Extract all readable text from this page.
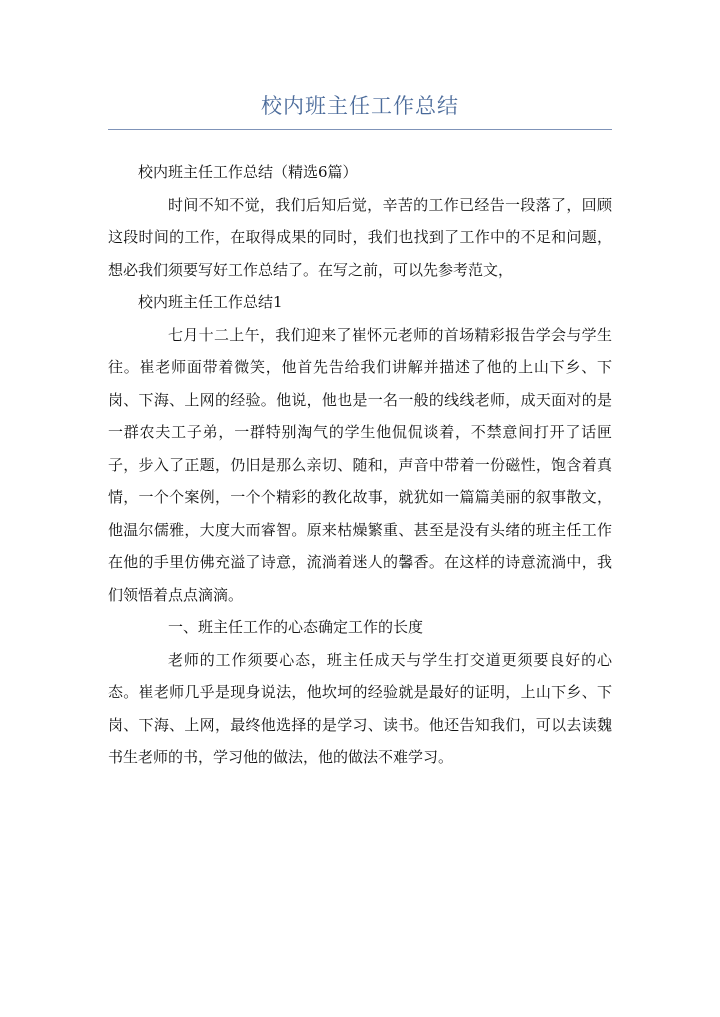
校内班主任工作总结

校内班主任工作总结（精选6篇）

时间不知不觉，我们后知后觉，辛苦的工作已经告一段落了，回顾这段时间的工作，在取得成果的同时，我们也找到了工作中的不足和问题，想必我们须要写好工作总结了。在写之前，可以先参考范文，

校内班主任工作总结1

七月十二上午，我们迎来了崔怀元老师的首场精彩报告学会与学生往。崔老师面带着微笑，他首先告给我们讲解并描述了他的上山下乡、下岗、下海、上网的经验。他说，他也是一名一般的线线老师，成天面对的是一群农夫工子弟，一群特别淘气的学生他侃侃谈着，不禁意间打开了话匣子，步入了正题，仍旧是那么亲切、随和，声音中带着一份磁性，饱含着真情，一个个案例，一个个精彩的教化故事，就犹如一篇篇美丽的叙事散文，他温尔儒雅，大度大而睿智。原来枯燥繁重、甚至是没有头绪的班主任工作在他的手里仿佛充溢了诗意，流淌着迷人的馨香。在这样的诗意流淌中，我们领悟着点点滴滴。

一、班主任工作的心态确定工作的长度

老师的工作须要心态，班主任成天与学生打交道更须要良好的心态。崔老师几乎是现身说法，他坎坷的经验就是最好的证明，上山下乡、下岗、下海、上网，最终他选择的是学习、读书。他还告知我们，可以去读魏书生老师的书，学习他的做法，他的做法不难学习。
